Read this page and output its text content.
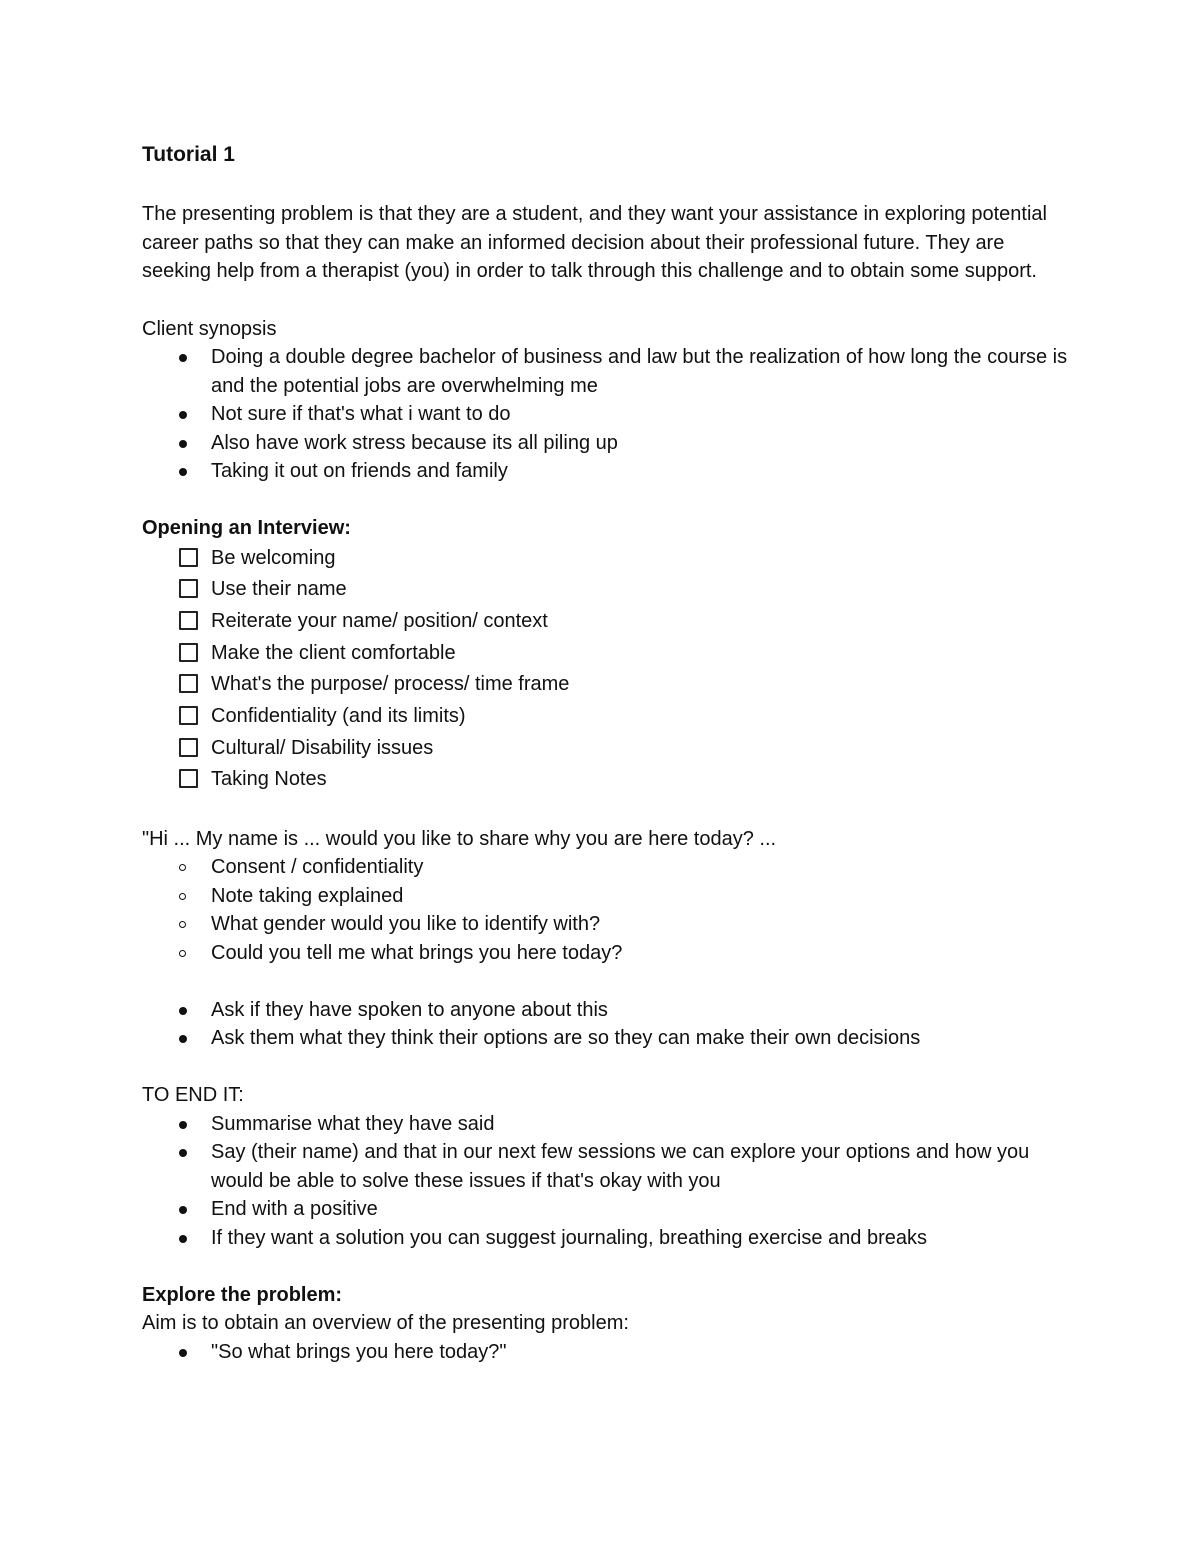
Tutorial 1

The presenting problem is that they are a student, and they want your assistance in exploring potential career paths so that they can make an informed decision about their professional future. They are seeking help from a therapist (you) in order to talk through this challenge and to obtain some support.

Client synopsis

Doing a double degree bachelor of business and law but the realization of how long the course is and the potential jobs are overwhelming me
Not sure if that's what i want to do
Also have work stress because its all piling up
Taking it out on friends and family

Opening an Interview:

Be welcoming
Use their name
Reiterate your name/ position/ context
Make the client comfortable
What's the purpose/ process/ time frame
Confidentiality (and its limits)
Cultural/ Disability issues
Taking Notes

"Hi ... My name is ... would you like to share why you are here today? ...

Consent / confidentiality
Note taking explained
What gender would you like to identify with?
Could you tell me what brings you here today?
Ask if they have spoken to anyone about this
Ask them what they think their options are so they can make their own decisions

TO END IT:

Summarise what they have said
Say (their name) and that in our next few sessions we can explore your options and how you would be able to solve these issues if that's okay with you
End with a positive
If they want a solution you can suggest journaling, breathing exercise and breaks

Explore the problem:

Aim is to obtain an overview of the presenting problem:

"So what brings you here today?"
